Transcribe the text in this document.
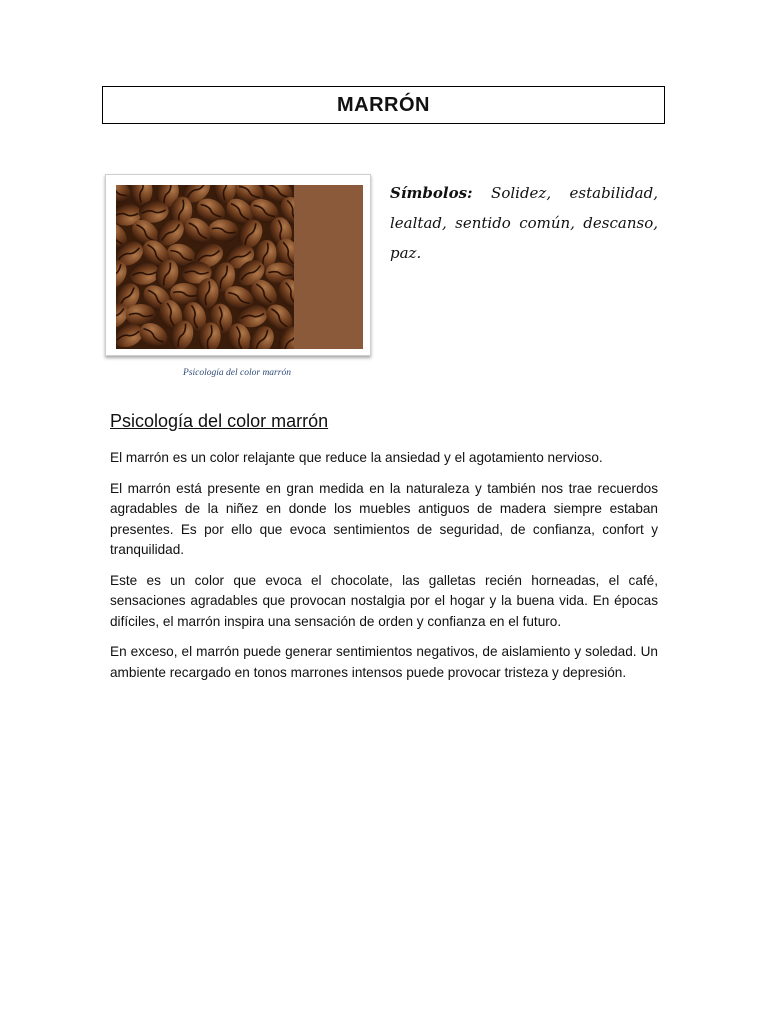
MARRÓN
Psicología del color marrón
Símbolos: Solidez, estabilidad, lealtad, sentido común, descanso, paz.
Psicología del color marrón

El marrón es un color relajante que reduce la ansiedad y el agotamiento nervioso.

El marrón está presente en gran medida en la naturaleza y también nos trae recuerdos agradables de la niñez en donde los muebles antiguos de madera siempre estaban presentes. Es por ello que evoca sentimientos de seguridad, de confianza, confort y tranquilidad.

Este es un color que evoca el chocolate, las galletas recién horneadas, el café, sensaciones agradables que provocan nostalgia por el hogar y la buena vida. En épocas difíciles, el marrón inspira una sensación de orden y confianza en el futuro.

En exceso, el marrón puede generar sentimientos negativos, de aislamiento y soledad. Un ambiente recargado en tonos marrones intensos puede provocar tristeza y depresión.
